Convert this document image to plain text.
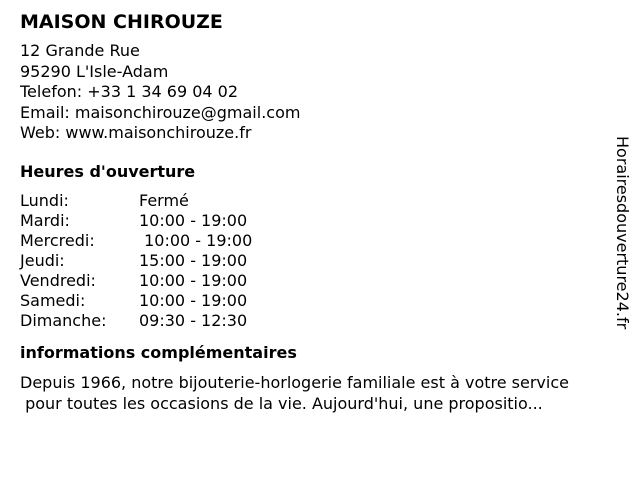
MAISON CHIROUZE
12 Grande Rue
95290 L'Isle-Adam
Telefon: +33 1 34 69 04 02
Email: maisonchirouze@gmail.com
Web: www.maisonchirouze.fr
Heures d'ouverture
Lundi:	Fermé
Mardi:	10:00 - 19:00
Mercredi:	10:00 - 19:00
Jeudi:	15:00 - 19:00
Vendredi:	10:00 - 19:00
Samedi:	10:00 - 19:00
Dimanche:	09:30 - 12:30
informations complémentaires
Depuis 1966, notre bijouterie-horlogerie familiale est à votre service
pour toutes les occasions de la vie. Aujourd'hui, une propositio...
Horairesdouverture24.fr
